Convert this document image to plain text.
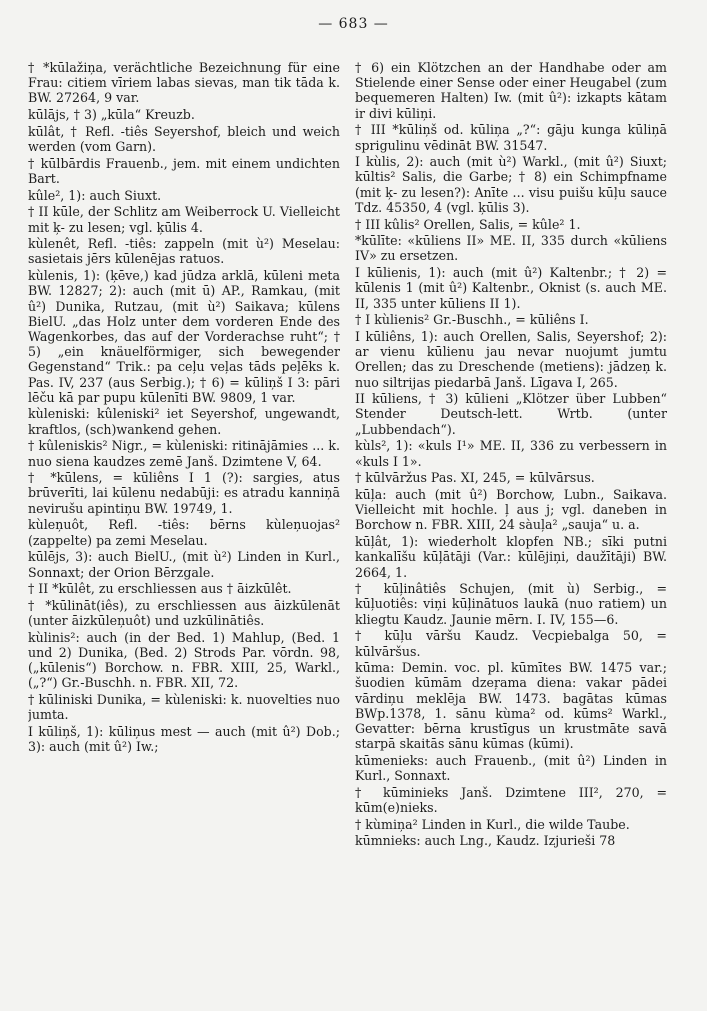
— 683 —
† *kūlažiņa, verächtliche Bezeichnung für eine Frau: citiem vīriem labas sievas, man tik tāda k. BW. 27264, 9 var.
kūlājs, † 3) „kūla“ Kreuzb.
kūlât, † Refl. -tiês Seyershof, bleich und weich werden (vom Garn).
† kūlbārdis Frauenb., jem. mit einem undichten Bart.
kûle², 1): auch Siuxt.
† II kūle, der Schlitz am Weiberrock U. Vielleicht mit ķ- zu lesen; vgl. ķūlis 4.
kùlenêt, Refl. -tiês: zappeln (mit ù²) Meselau: sasietais jērs kūlenējas ratuos.
kùlenis, 1): (ķēve,) kad jūdza arklā, kūleni meta BW. 12827; 2): auch (mit ū) AP., Ramkau, (mit û²) Dunika, Rutzau, (mit ù²) Saikava; kūlens BielU. „das Holz unter dem vorderen Ende des Wagenkorbes, das auf der Vorderachse ruht“; † 5) „ein knäuelförmiger, sich bewegender Gegenstand“ Trik.: pa ceļu veļas tāds peļēks k. Pas. IV, 237 (aus Serbig.); † 6) = kūliņš I 3: pāri lēču kā par pupu kūlenīti BW. 9809, 1 var.
kùleniski: kûleniski² iet Seyershof, ungewandt, kraftlos, (sch)wankend gehen.
† kûleniskis² Nigr., = kùleniski: ritinājāmies ... k. nuo siena kaudzes zemē Janš. Dzimtene V, 64.
† *kūlens, = kūliêns I 1 (?): sargies, atus brūverīti, lai kūlenu nedabūji: es atradu kanniņā nevirušu apintiņu BW. 19749, 1.
kùleņuôt, Refl. -tiês: bērns kùleņuojas² (zappelte) pa zemi Meselau.
kūlējs, 3): auch BielU., (mit ù²) Linden in Kurl., Sonnaxt; der Orion Bērzgale.
† II *kūlêt, zu erschliessen aus † āizkūlêt.
† *kūlināt(iês), zu erschliessen aus āizkūlenāt (unter āizkūleņuôt) und uzkūlinātiês.
kùlinis²: auch (in der Bed. 1) Mahlup, (Bed. 1 und 2) Dunika, (Bed. 2) Strods Par. vōrdn. 98, („kūlenis“) Borchow. n. FBR. XIII, 25, Warkl., („?“) Gr.-Buschh. n. FBR. XII, 72.
† kūliniski Dunika, = kùleniski: k. nuovelties nuo jumta.
I kūliņš, 1): kūliņus mest — auch (mit û²) Dob.; 3): auch (mit û²) Iw.;
† 6) ein Klötzchen an der Handhabe oder am Stielende einer Sense oder einer Heugabel (zum bequemeren Halten) Iw. (mit û²): izkapts kātam ir divi kūliņi.
† III *kūliņš od. kūliņa „?“: gāju kunga kūliņā sprigulinu vēdināt BW. 31547.
I kùlis, 2): auch (mit ù²) Warkl., (mit û²) Siuxt; kūltis² Salis, die Garbe; † 8) ein Schimpfname (mit ķ- zu lesen?): Anīte ... visu puišu kūļu sauce Tdz. 45350, 4 (vgl. ķūlis 3).
† III kûlis² Orellen, Salis, = kûle² 1.
*kūlīte: «kūliens II» ME. II, 335 durch «kūliens IV» zu ersetzen.
I kūlienis, 1): auch (mit û²) Kaltenbr.; † 2) = kūlenis 1 (mit û²) Kaltenbr., Oknist (s. auch ME. II, 335 unter kūliens II 1).
† I kùlienis² Gr.-Buschh., = kūliêns I.
I kūliêns, 1): auch Orellen, Salis, Seyershof; 2): ar vienu kūlienu jau nevar nuojumt jumtu Orellen; das zu Dreschende (metiens): jādzeņ k. nuo siltrijas piedarbā Janš. Līgava I, 265.
II kūliens, † 3) kūlieni „Klötzer über Lubben“ Stender Deutsch-lett. Wrtb. (unter „Lubbendach“).
kùls², 1): «kuls I¹» ME. II, 336 zu verbessern in «kuls I 1».
† kūlvāržus Pas. XI, 245, = kūlvārsus.
kūļa: auch (mit û²) Borchow, Lubn., Saikava. Vielleicht mit hochle. ļ aus j; vgl. daneben in Borchow n. FBR. XIII, 24 sàuļa² „sauja“ u. a.
kūļât, 1): wiederholt klopfen NB.; sīki putni kankalīšu kūļātāji (Var.: kūlējiņi, daužītāji) BW. 2664, 1.
† kūļinâtiês Schujen, (mit ù) Serbig., = kūļuotiês: viņi kūļinātuos laukā (nuo ratiem) un kliegtu Kaudz. Jaunie mērn. I. IV, 155—6.
† kūļu vāršu Kaudz. Vecpiebalga 50, = kūlvāršus.
kūma: Demin. voc. pl. kūmītes BW. 1475 var.; šuodien kūmām dzeŗama diena: vakar pādei vārdiņu meklēja BW. 1473. bagātas kūmas BWp.1378, 1. sānu kùma² od. kūms² Warkl., Gevatter: bērna krustīgus un krustmāte savā starpā skaitās sānu kūmas (kūmi).
kūmenieks: auch Frauenb., (mit û²) Linden in Kurl., Sonnaxt.
† kūminieks Janš. Dzimtene III², 270, = kūm(e)nieks.
† kùmiņa² Linden in Kurl., die wilde Taube.
kūmnieks: auch Lng., Kaudz. Izjurieši 78
